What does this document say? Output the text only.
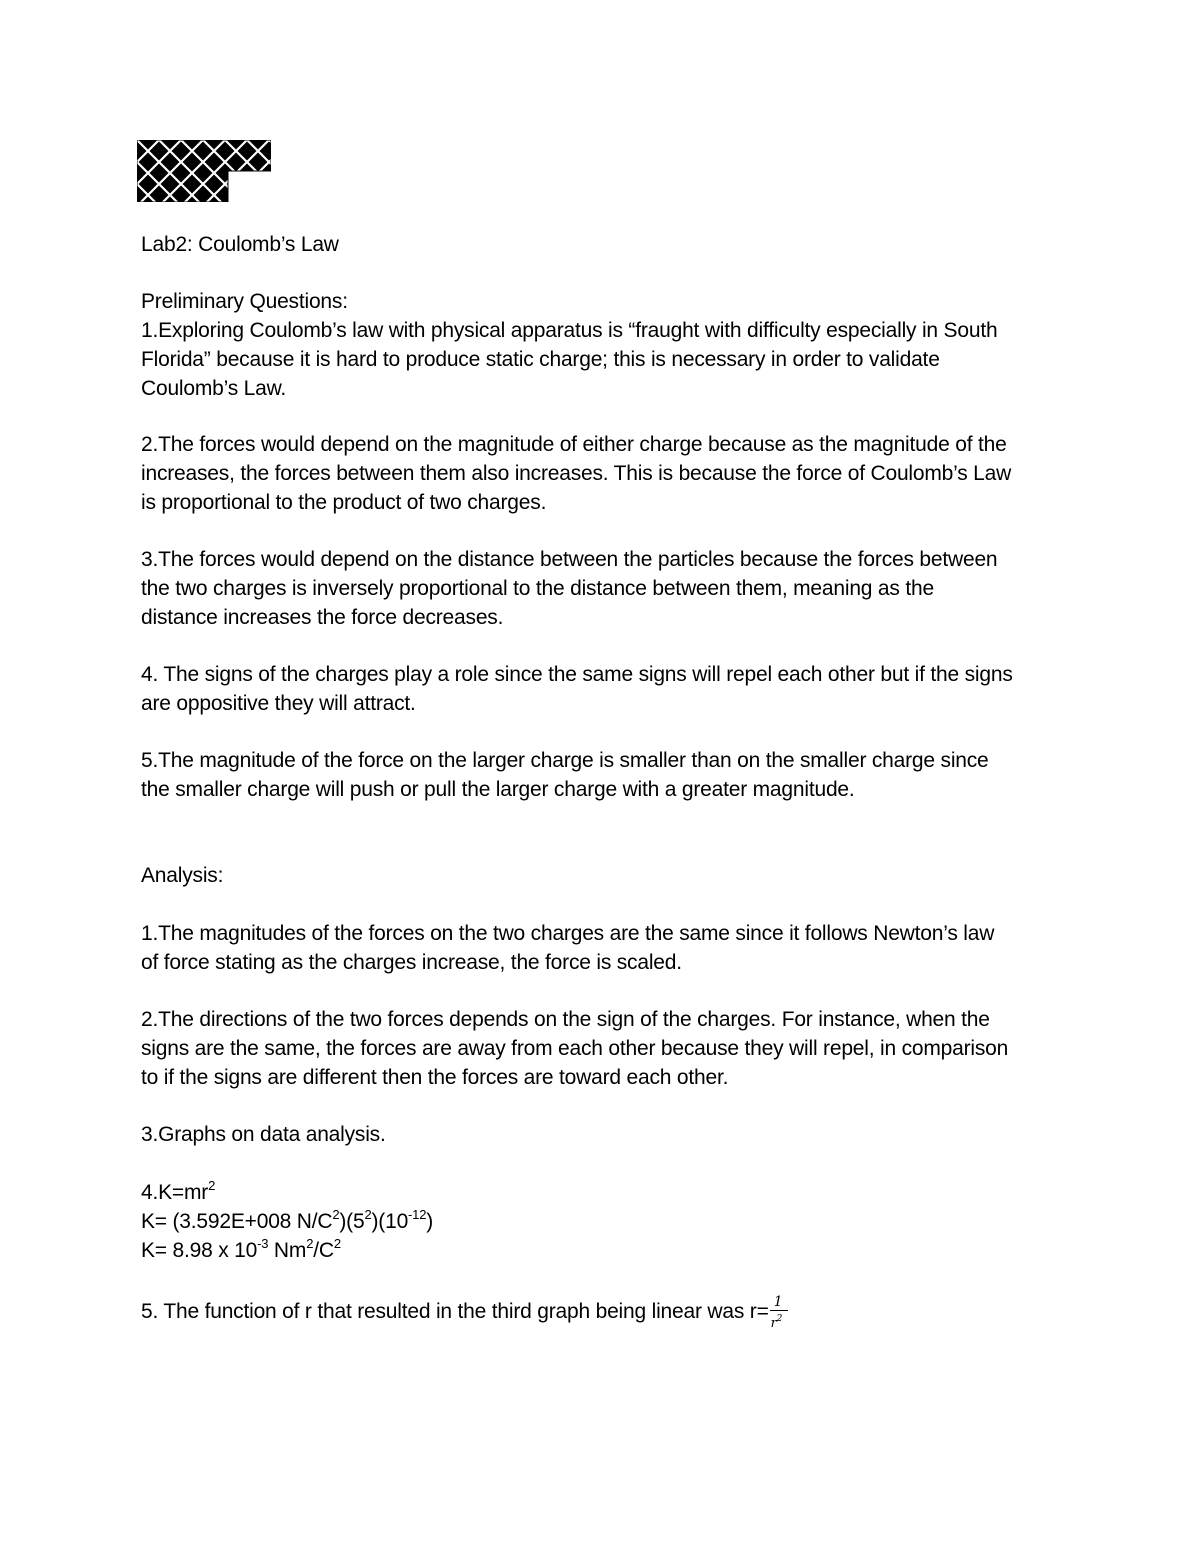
Lab2: Coulomb’s Law
Preliminary Questions:
1.Exploring Coulomb’s law with physical apparatus is “fraught with difficulty especially in South
Florida” because it is hard to produce static charge; this is necessary in order to validate
Coulomb’s Law.
2.The forces would depend on the magnitude of either charge because as the magnitude of the
increases, the forces between them also increases. This is because the force of Coulomb’s Law
is proportional to the product of two charges.
3.The forces would depend on the distance between the particles because the forces between
the two charges is inversely proportional to the distance between them, meaning as the
distance increases the force decreases.
4. The signs of the charges play a role since the same signs will repel each other but if the signs
are oppositive they will attract.
5.The magnitude of the force on the larger charge is smaller than on the smaller charge since
the smaller charge will push or pull the larger charge with a greater magnitude.
Analysis:
1.The magnitudes of the forces on the two charges are the same since it follows Newton’s law
of force stating as the charges increase, the force is scaled.
2.The directions of the two forces depends on the sign of the charges. For instance, when the
signs are the same, the forces are away from each other because they will repel, in comparison
to if the signs are different then the forces are toward each other.
3.Graphs on data analysis.
$4.K=mr^2$
K= (3.592E+008 $N/C^2)(5^2)(10^{-12})$
K= 8.98 x $10^{-3}$ $Nm^2/C^2$
5. The function of r that resulted in the third graph being linear was r= 1
$r^2$
